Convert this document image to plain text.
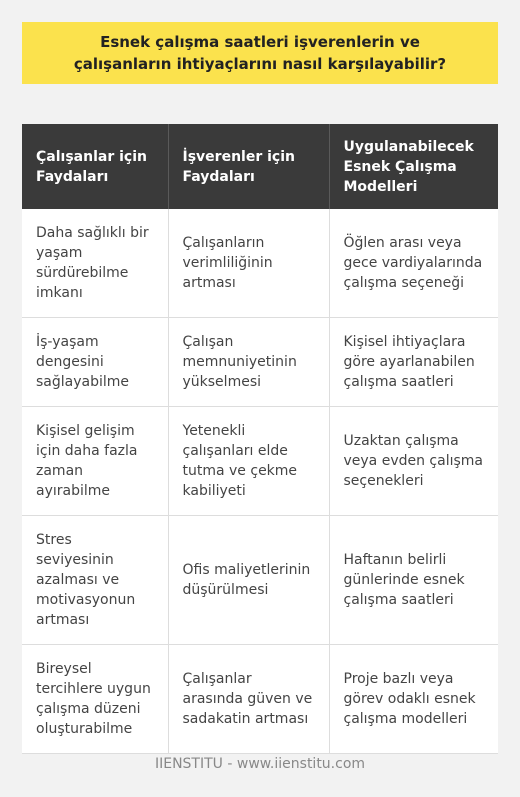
Esnek çalışma saatleri işverenlerin ve çalışanların ihtiyaçlarını nasıl karşılayabilir?
Çalışanlar için Faydaları	İşverenler için Faydaları	Uygulanabilecek Esnek Çalışma Modelleri
Daha sağlıklı bir yaşam sürdürebilme imkanı	Çalışanların verimliliğinin artması	Öğlen arası veya gece vardiyalarında çalışma seçeneği
İş-yaşam dengesini sağlayabilme	Çalışan memnuniyetinin yükselmesi	Kişisel ihtiyaçlara göre ayarlanabilen çalışma saatleri
Kişisel gelişim için daha fazla zaman ayırabilme	Yetenekli çalışanları elde tutma ve çekme kabiliyeti	Uzaktan çalışma veya evden çalışma seçenekleri
Stres seviyesinin azalması ve motivasyonun artması	Ofis maliyetlerinin düşürülmesi	Haftanın belirli günlerinde esnek çalışma saatleri
Bireysel tercihlere uygun çalışma düzeni oluşturabilme	Çalışanlar arasında güven ve sadakatin artması	Proje bazlı veya görev odaklı esnek çalışma modelleri
IIENSTITU - www.iienstitu.com
